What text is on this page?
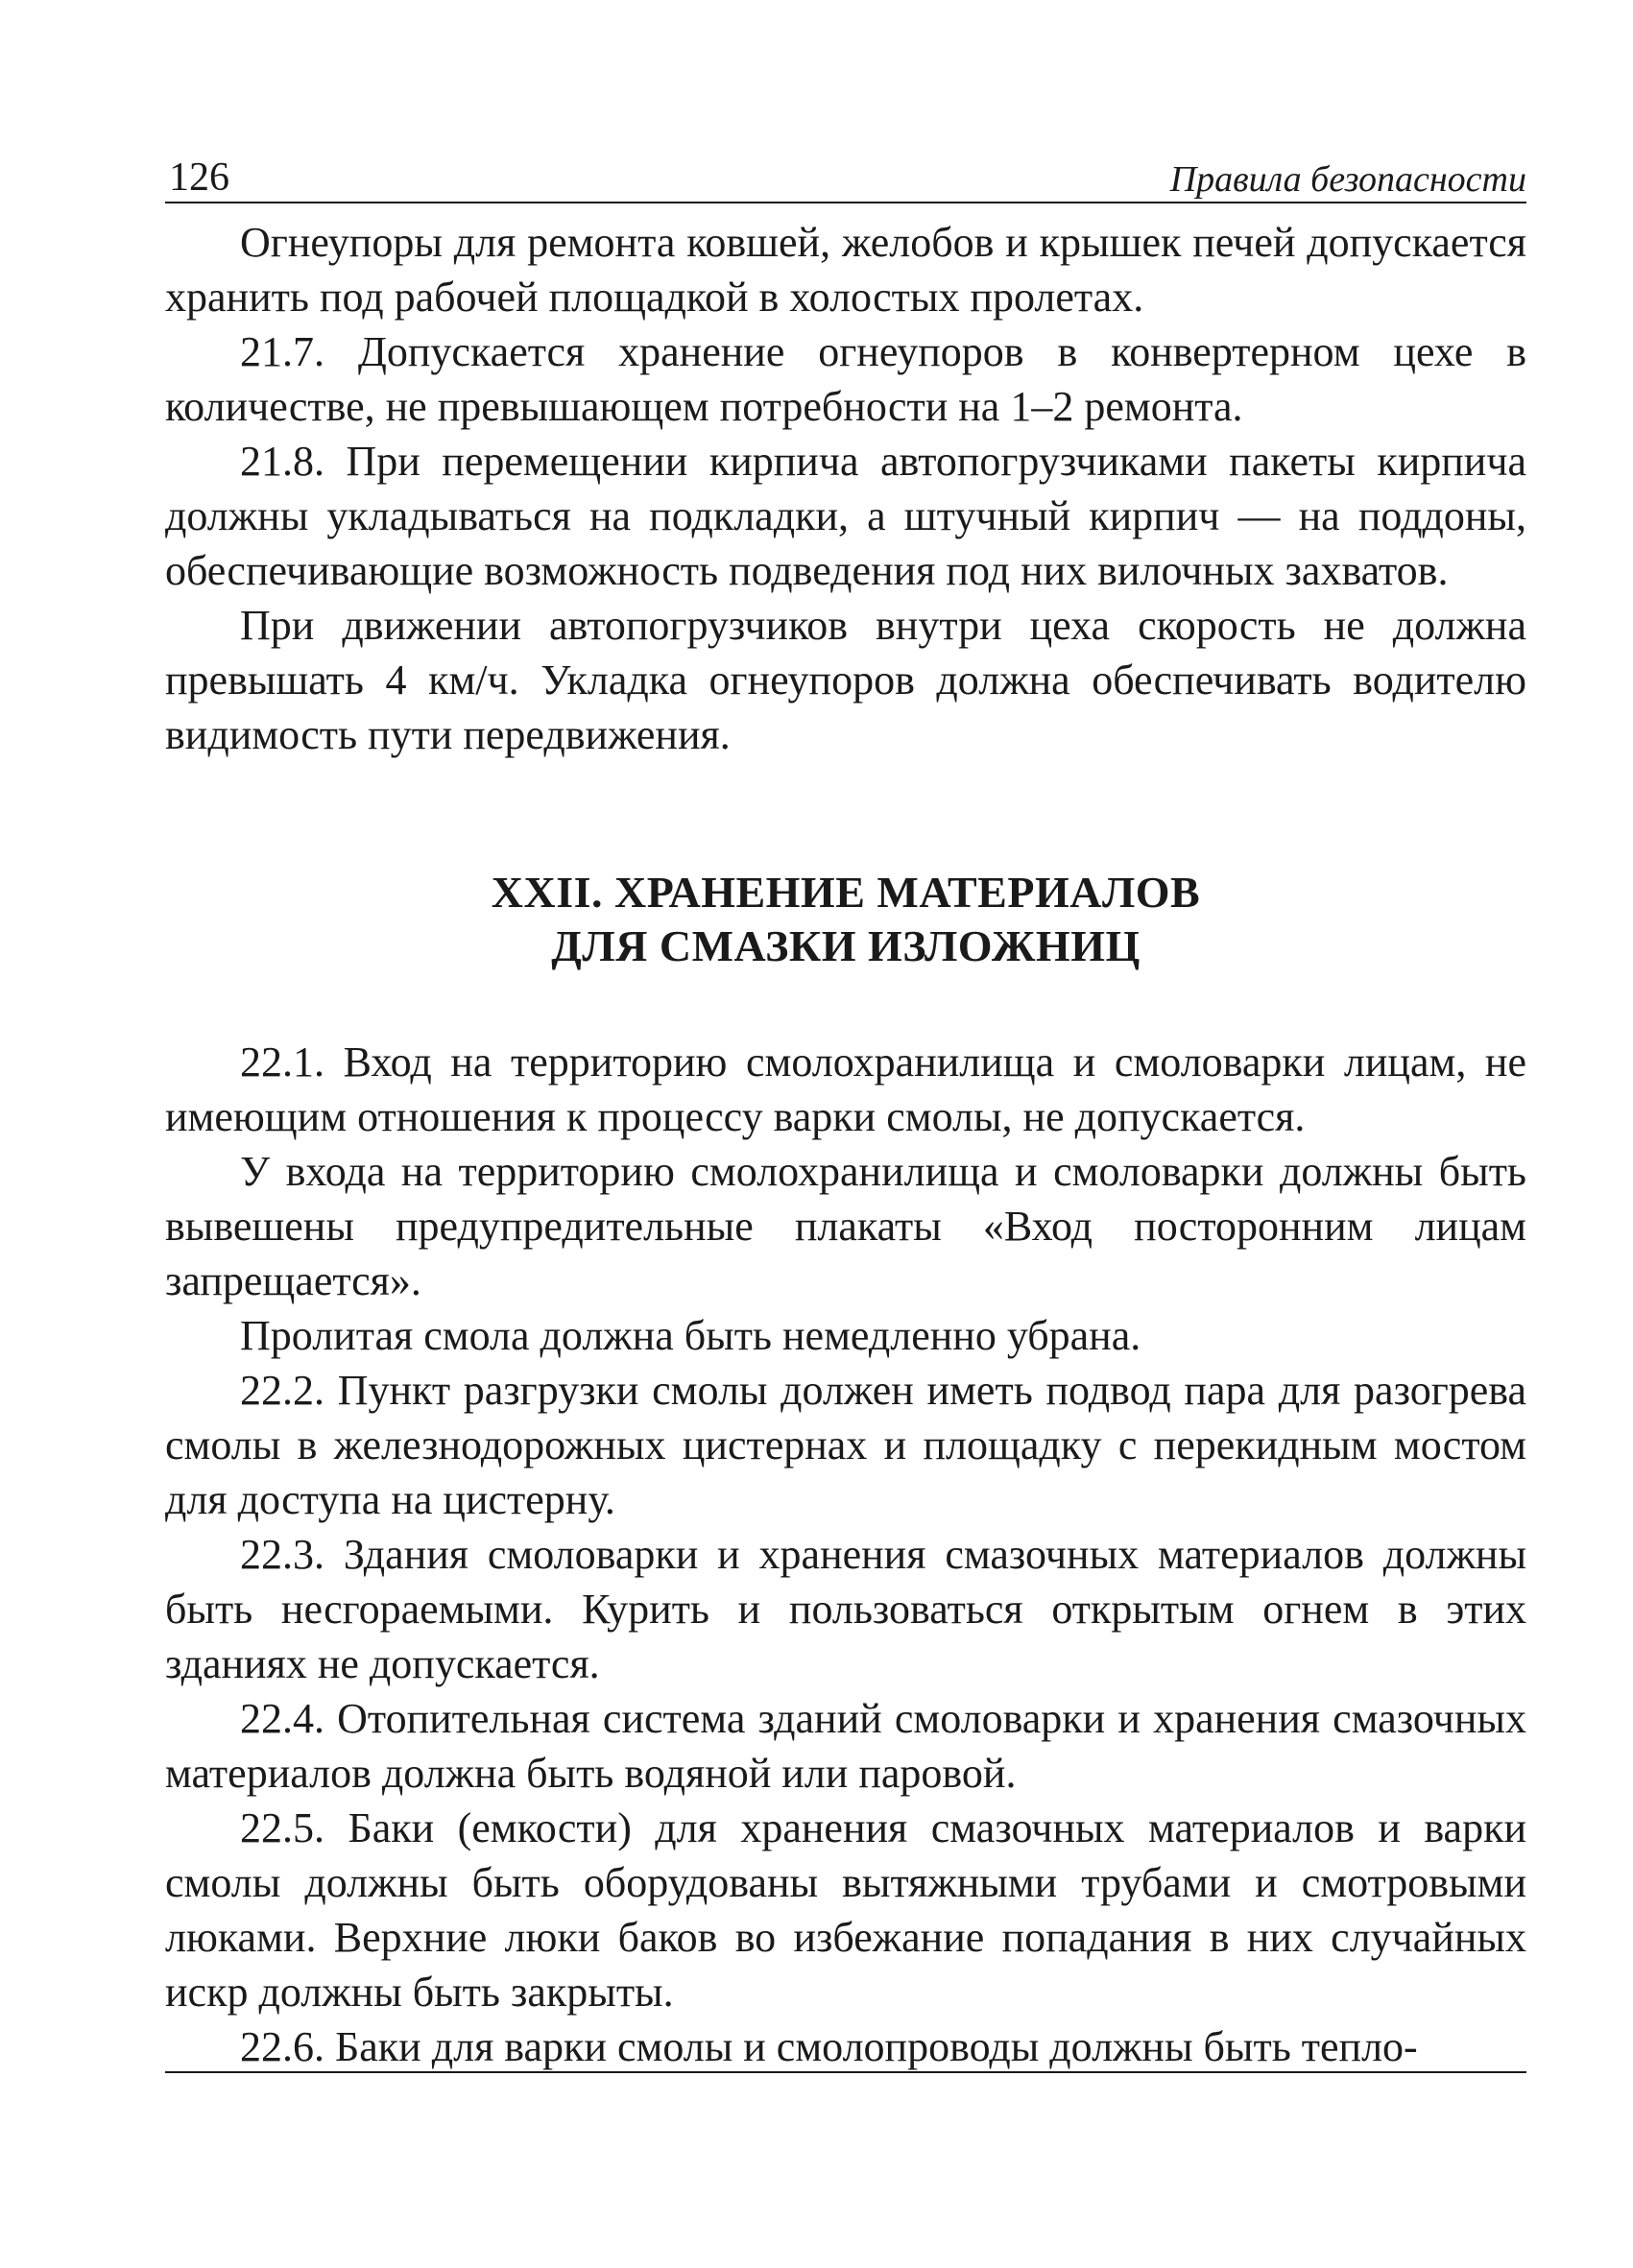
126	Правила безопасности

Огнеупоры для ремонта ковшей, желобов и крышек печей допускается хранить под рабочей площадкой в холостых пролетах.

21.7. Допускается хранение огнеупоров в конвертерном цехе в количестве, не превышающем потребности на 1–2 ремонта.

21.8. При перемещении кирпича автопогрузчиками пакеты кирпича должны укладываться на подкладки, а штучный кирпич — на поддоны, обеспечивающие возможность подведения под них вилочных захватов.

При движении автопогрузчиков внутри цеха скорость не должна превышать 4 км/ч. Укладка огнеупоров должна обеспечивать водителю видимость пути передвижения.

XXII. ХРАНЕНИЕ МАТЕРИАЛОВ
ДЛЯ СМАЗКИ ИЗЛОЖНИЦ

22.1. Вход на территорию смолохранилища и смоловарки лицам, не имеющим отношения к процессу варки смолы, не допускается.

У входа на территорию смолохранилища и смоловарки должны быть вывешены предупредительные плакаты «Вход посторонним лицам запрещается».

Пролитая смола должна быть немедленно убрана.

22.2. Пункт разгрузки смолы должен иметь подвод пара для разогрева смолы в железнодорожных цистернах и площадку с перекидным мостом для доступа на цистерну.

22.3. Здания смоловарки и хранения смазочных материалов должны быть несгораемыми. Курить и пользоваться открытым огнем в этих зданиях не допускается.

22.4. Отопительная система зданий смоловарки и хранения смазочных материалов должна быть водяной или паровой.

22.5. Баки (емкости) для хранения смазочных материалов и варки смолы должны быть оборудованы вытяжными трубами и смотровыми люками. Верхние люки баков во избежание попадания в них случайных искр должны быть закрыты.

22.6. Баки для варки смолы и смолопроводы должны быть тепло-
